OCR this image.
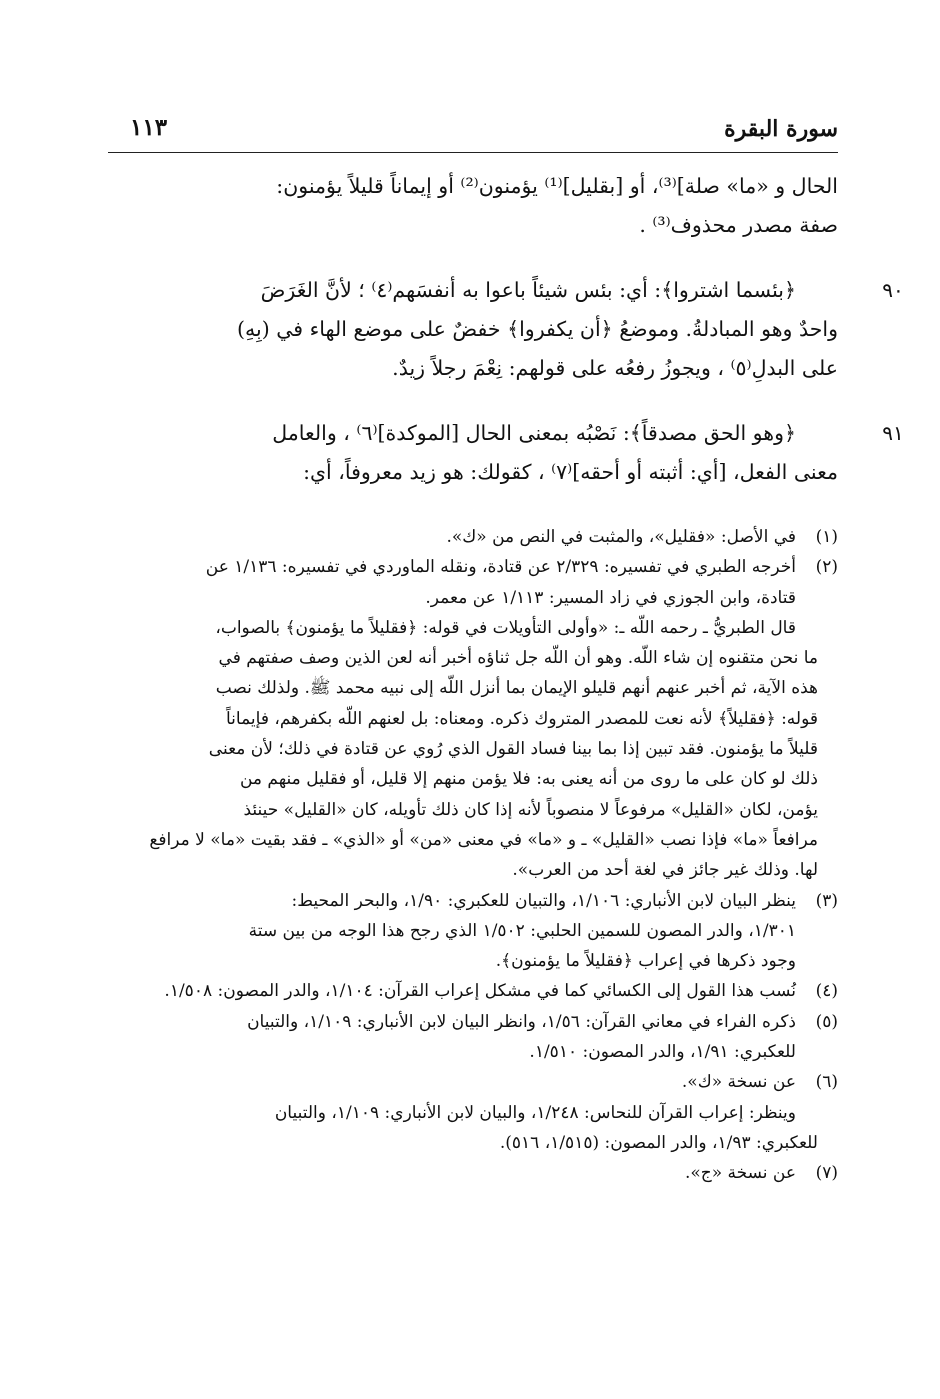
سورة البقرة
١١٣

الحال و «ما» صلة]⁽³⁾، أو [بقليل]⁽¹⁾ يؤمنون⁽²⁾ أو إيماناً قليلاً يؤمنون:

صفة مصدر محذوف⁽³⁾ .

٩٠

﴿بئسما اشتروا﴾: أي: بئس شيئاً باعوا به أنفسَهم⁽٤⁾ ؛ لأنَّ الغَرَضَ

واحدٌ وهو المبادلةُ. وموضعُ ﴿أن يكفروا﴾ خفضٌ على موضع الهاء في (بِهِ)

على البدلِ⁽٥⁾ ، ويجوزُ رفعُه على قولهم: نِعْمَ رجلاً زيدٌ.

٩١

﴿وهو الحق مصدقاً﴾: نَصْبُه بمعنى الحال [الموكدة]⁽٦⁾ ، والعامل

معنى الفعل، [أي: أثبته أو أحقه]⁽٧⁾ ، كقولك: هو زيد معروفاً، أي:

(١)
في الأصل: «فقليل»، والمثبت في النص من «ك».
(٢)
أخرجه الطبري في تفسيره: ٢/٣٢٩ عن قتادة، ونقله الماوردي في تفسيره: ١/١٣٦ عن
قتادة، وابن الجوزي في زاد المسير: ١/١١٣ عن معمر.
قال الطبريُّ ـ رحمه اللّه ـ: «وأولى التأويلات في قوله: ﴿فقليلاً ما يؤمنون﴾ بالصواب،
ما نحن متقنوه إن شاء اللّه. وهو أن اللّه جل ثناؤه أخبر أنه لعن الذين وصف صفتهم في
هذه الآية، ثم أخبر عنهم أنهم قليلو الإيمان بما أنزل اللّه إلى نبيه محمد ﷺ. ولذلك نصب
قوله: ﴿فقليلاً﴾ لأنه نعت للمصدر المتروك ذكره. ومعناه: بل لعنهم اللّه بكفرهم، فإيماناً
قليلاً ما يؤمنون. فقد تبين إذا بما بينا فساد القول الذي رُوي عن قتادة في ذلك؛ لأن معنى
ذلك لو كان على ما روى من أنه يعنى به: فلا يؤمن منهم إلا قليل، أو فقليل منهم من
يؤمن، لكان «القليل» مرفوعاً لا منصوباً لأنه إذا كان ذلك تأويله، كان «القليل» حينئذ
مرافعاً «ما» فإذا نصب «القليل» ـ و «ما» في معنى «من» أو «الذي» ـ فقد بقيت «ما» لا مرافع
لها. وذلك غير جائز في لغة أحد من العرب».
(٣)
ينظر البيان لابن الأنباري: ١/١٠٦، والتبيان للعكبري: ١/٩٠، والبحر المحيط:
١/٣٠١، والدر المصون للسمين الحلبي: ١/٥٠٢ الذي رجح هذا الوجه من بين ستة
وجود ذكرها في إعراب ﴿فقليلاً ما يؤمنون﴾.
(٤)
نُسب هذا القول إلى الكسائي كما في مشكل إعراب القرآن: ١/١٠٤، والدر المصون: ١/٥٠٨.
(٥)
ذكره الفراء في معاني القرآن: ١/٥٦، وانظر البيان لابن الأنباري: ١/١٠٩، والتبيان
للعكبري: ١/٩١، والدر المصون: ١/٥١٠.
(٦)
عن نسخة «ك».
وينظر: إعراب القرآن للنحاس: ١/٢٤٨، والبيان لابن الأنباري: ١/١٠٩، والتبيان
للعكبري: ١/٩٣، والدر المصون: (١/٥١٥، ٥١٦).
(٧)
عن نسخة «ج».
